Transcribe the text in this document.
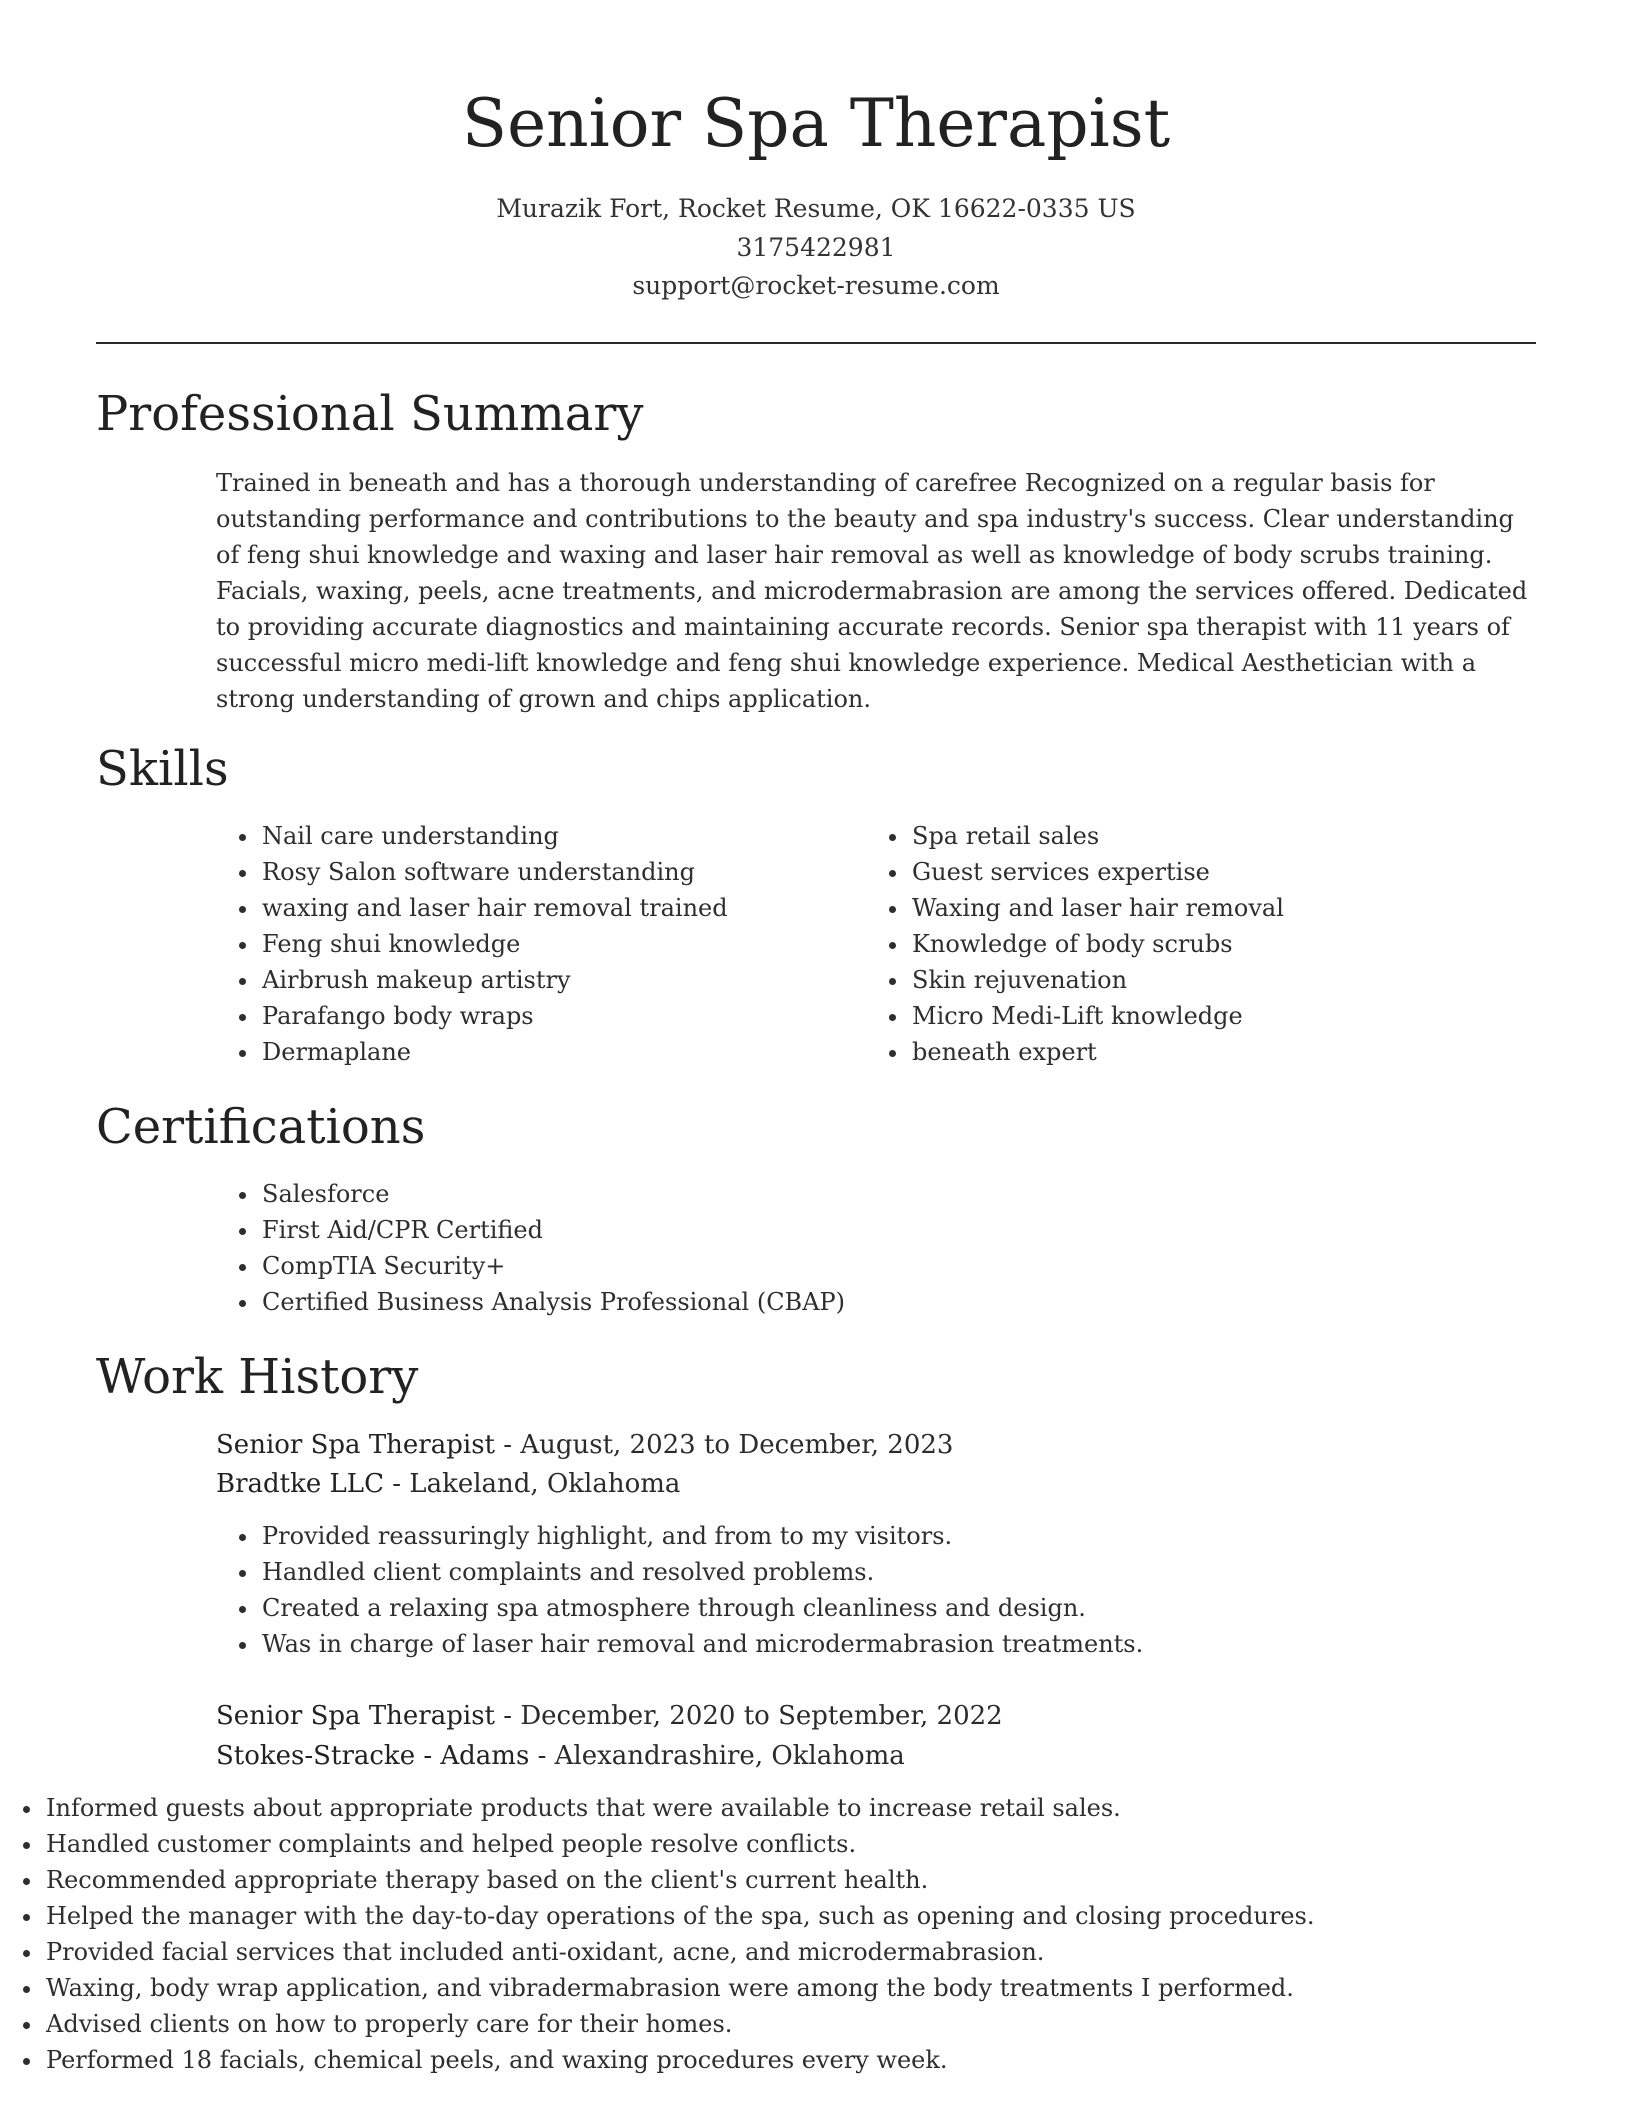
Senior Spa Therapist
Murazik Fort, Rocket Resume, OK 16622-0335 US
3175422981
support@rocket-resume.com
Professional Summary

Trained in beneath and has a thorough understanding of carefree Recognized on a regular basis for outstanding performance and contributions to the beauty and spa industry's success. Clear understanding of feng shui knowledge and waxing and laser hair removal as well as knowledge of body scrubs training. Facials, waxing, peels, acne treatments, and microdermabrasion are among the services offered. Dedicated to providing accurate diagnostics and maintaining accurate records. Senior spa therapist with 11 years of successful micro medi-lift knowledge and feng shui knowledge experience. Medical Aesthetician with a strong understanding of grown and chips application.

Skills
• Nail care understanding
• Rosy Salon software understanding
• waxing and laser hair removal trained
• Feng shui knowledge
• Airbrush makeup artistry
• Parafango body wraps
• Dermaplane
• Spa retail sales
• Guest services expertise
• Waxing and laser hair removal
• Knowledge of body scrubs
• Skin rejuvenation
• Micro Medi-Lift knowledge
• beneath expert
Certifications
• Salesforce
• First Aid/CPR Certified
• CompTIA Security+
• Certified Business Analysis Professional (CBAP)
Work History
Senior Spa Therapist - August, 2023 to December, 2023
Bradtke LLC - Lakeland, Oklahoma
• Provided reassuringly highlight, and from to my visitors.
• Handled client complaints and resolved problems.
• Created a relaxing spa atmosphere through cleanliness and design.
• Was in charge of laser hair removal and microdermabrasion treatments.
Senior Spa Therapist - December, 2020 to September, 2022
Stokes-Stracke - Adams - Alexandrashire, Oklahoma
• Informed guests about appropriate products that were available to increase retail sales.
• Handled customer complaints and helped people resolve conflicts.
• Recommended appropriate therapy based on the client's current health.
• Helped the manager with the day-to-day operations of the spa, such as opening and closing procedures.
• Provided facial services that included anti-oxidant, acne, and microdermabrasion.
• Waxing, body wrap application, and vibradermabrasion were among the body treatments I performed.
• Advised clients on how to properly care for their homes.
• Performed 18 facials, chemical peels, and waxing procedures every week.
